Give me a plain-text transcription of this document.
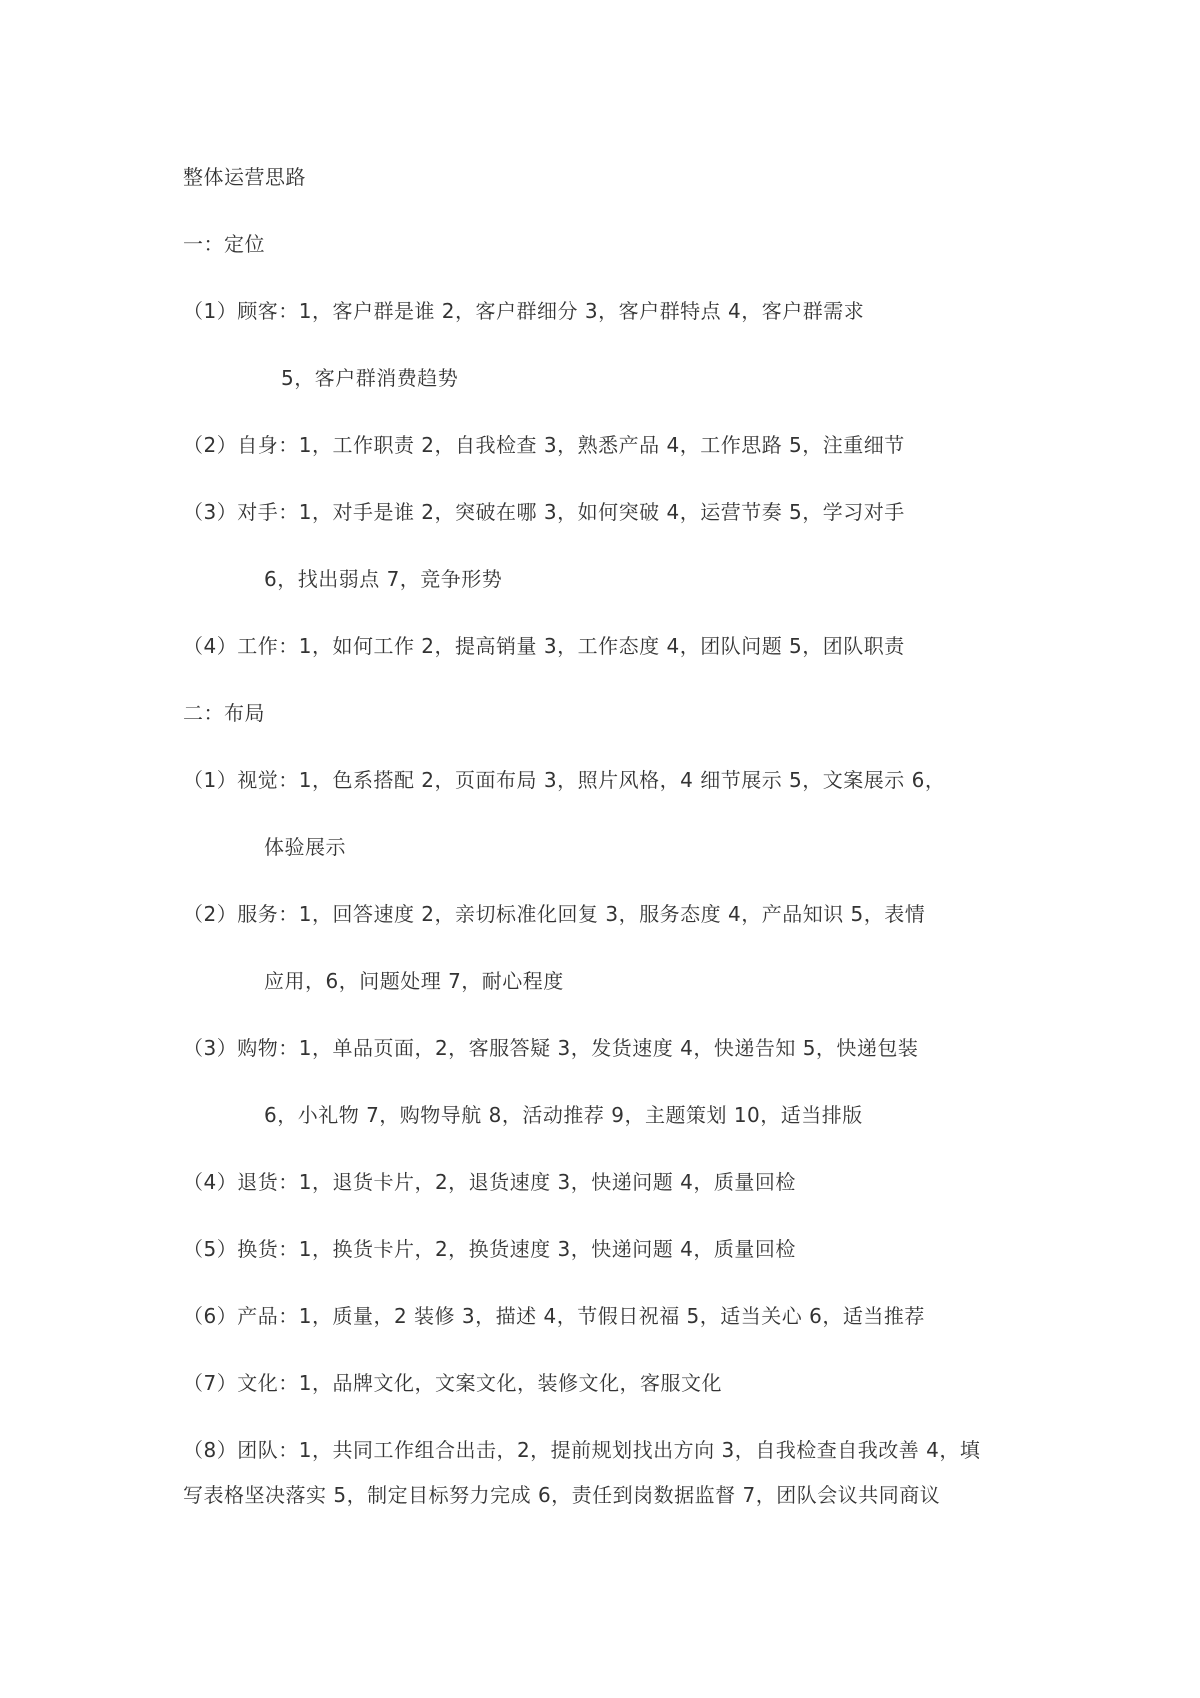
整体运营思路
一：定位
（1）顾客：1，客户群是谁 2，客户群细分 3，客户群特点 4，客户群需求
5，客户群消费趋势
（2）自身：1，工作职责 2，自我检查 3，熟悉产品 4，工作思路 5，注重细节
（3）对手：1，对手是谁 2，突破在哪 3，如何突破 4，运营节奏 5，学习对手
6，找出弱点 7，竞争形势
（4）工作：1，如何工作 2，提高销量 3，工作态度 4，团队问题 5，团队职责
二：布局
（1）视觉：1，色系搭配 2，页面布局 3，照片风格，4 细节展示 5，文案展示 6，
体验展示
（2）服务：1，回答速度 2，亲切标准化回复 3，服务态度 4，产品知识 5，表情
应用，6，问题处理 7，耐心程度
（3）购物：1，单品页面，2，客服答疑 3，发货速度 4，快递告知 5，快递包装
6，小礼物 7，购物导航 8，活动推荐 9，主题策划 10，适当排版
（4）退货：1，退货卡片，2，退货速度 3，快递问题 4，质量回检
（5）换货：1，换货卡片，2，换货速度 3，快递问题 4，质量回检
（6）产品：1，质量，2 装修 3，描述 4，节假日祝福 5，适当关心 6，适当推荐
（7）文化：1，品牌文化，文案文化，装修文化，客服文化
（8）团队：1，共同工作组合出击，2，提前规划找出方向 3，自我检查自我改善 4，填
写表格坚决落实 5，制定目标努力完成 6，责任到岗数据监督 7，团队会议共同商议
